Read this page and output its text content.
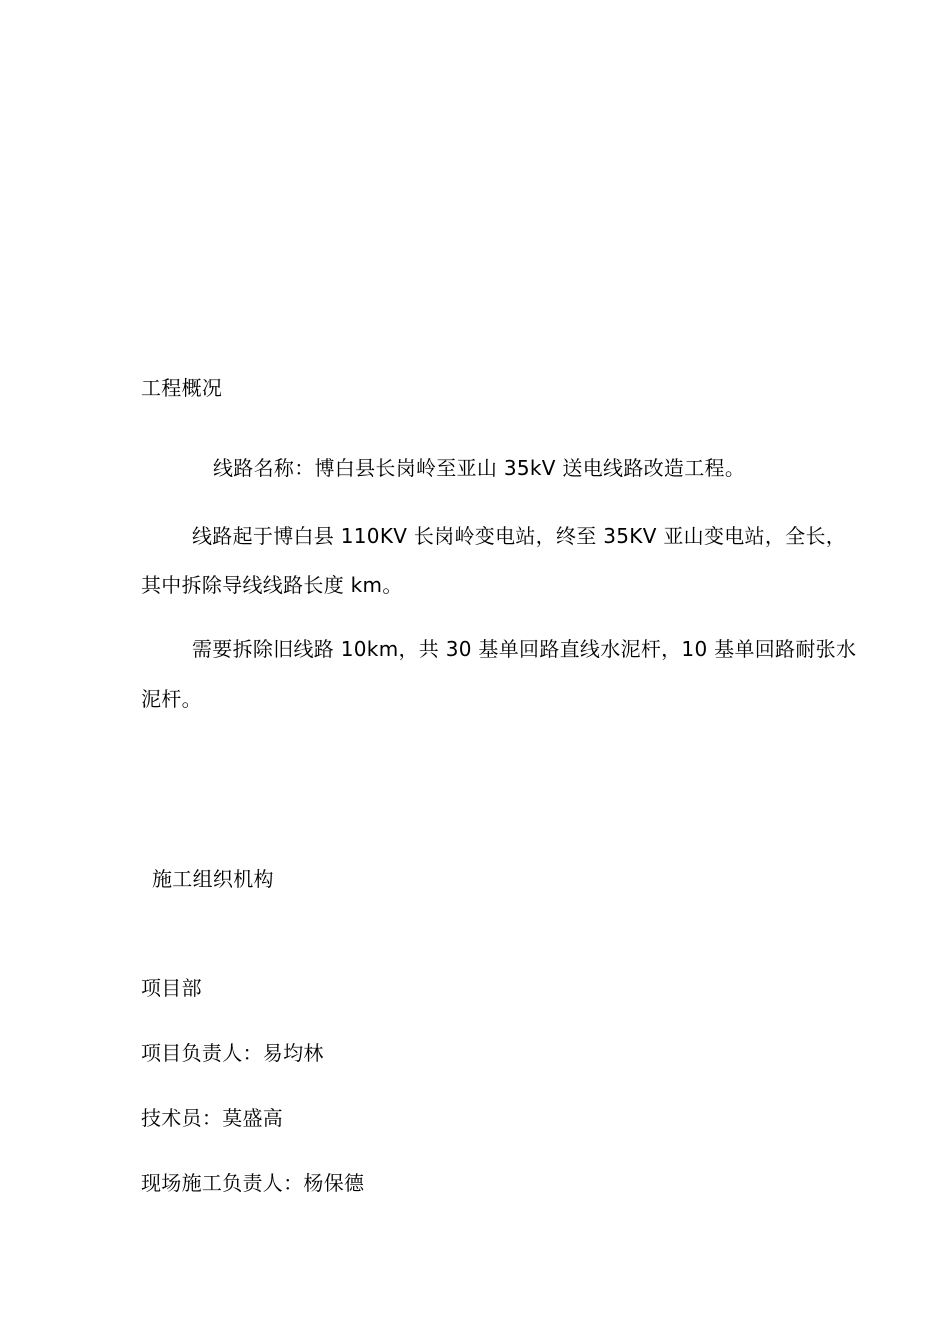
工程概况
线路名称：博白县长岗岭至亚山 35kV 送电线路改造工程。
线路起于博白县 110KV 长岗岭变电站，终至 35KV 亚山变电站，全长，
其中拆除导线线路长度 km。
需要拆除旧线路 10km，共 30 基单回路直线水泥杆，10 基单回路耐张水
泥杆。
施工组织机构
项目部
项目负责人：易均林
技术员：莫盛高
现场施工负责人：杨保德
